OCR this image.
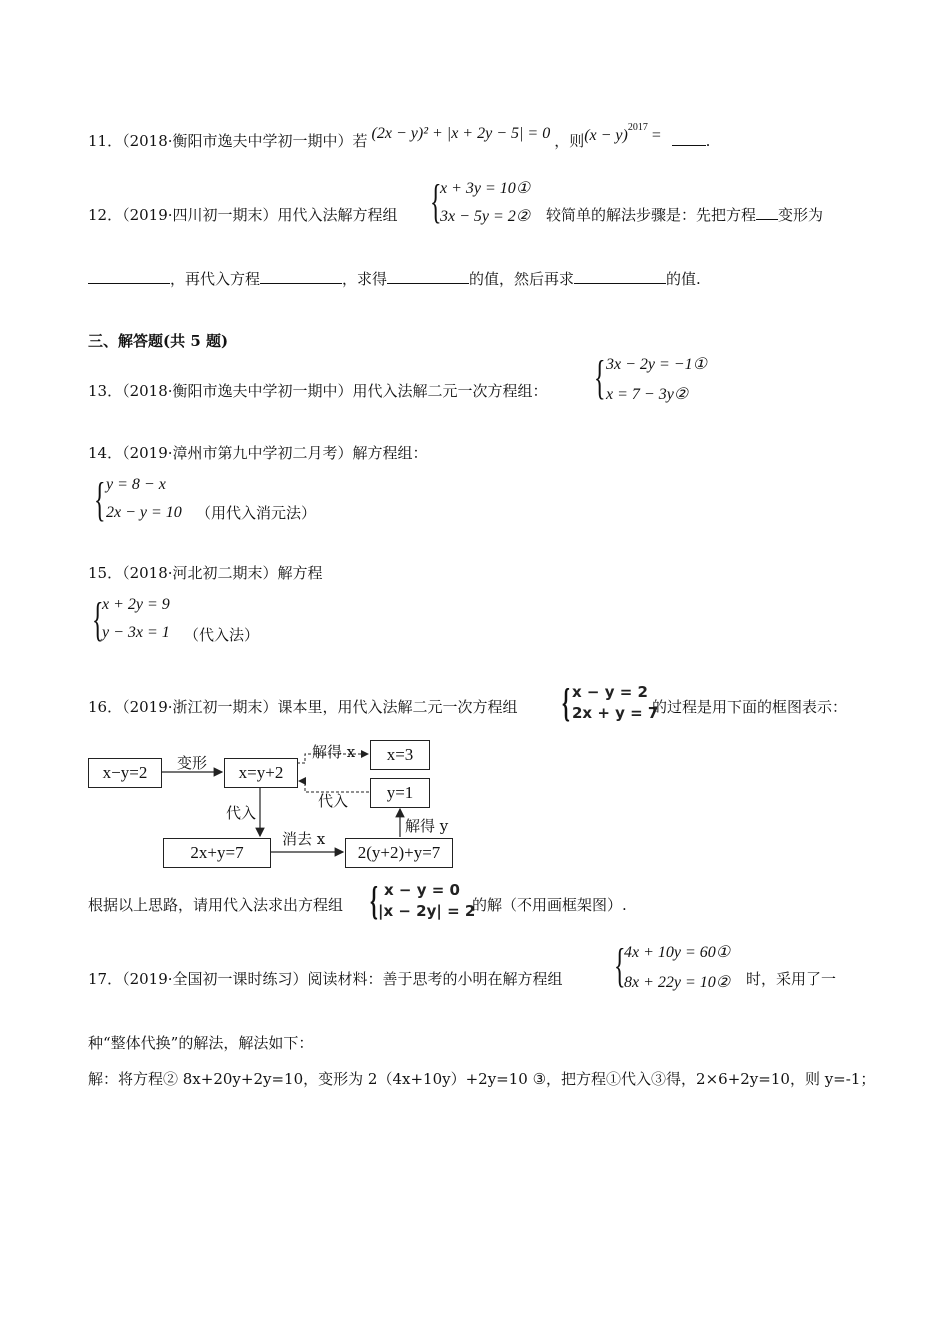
11．（2018·衡阳市逸夫中学初一期中）若 (2x − y)² + |x + 2y − 5| = 0 ，则$(x - y)^{2017}$ =	.
12．（2019·四川初一期末）用代入法解方程组 {
x + 3y = 10①
3x − 5y = 2② 较简单的解法步骤是：先把方程 变形为
，再代入方程	，求得	的值，然后再求	的值.
三、解答题(共 5 题)
13．（2018·衡阳市逸夫中学初一期中）用代入法解二元一次方程组： { 3x − 2y = −1①
x = 7 − 3y②
14．（2019·漳州市第九中学初二月考）解方程组：
{ y = 8 − x
2x − y = 10 （用代入消元法）
15．（2018·河北初二期末）解方程
{
x + 2y = 9
y − 3x = 1 （代入法）
16．（2019·浙江初一期末）课本里，用代入法解二元一次方程组 { x − y = 2
2x + y = 7
的过程是用下面的框图表示：
x−y=2	x=y+2
x=3
y=1
2x+y=7	2(y+2)+y=7
变形
解得 x
代入
代入
消去 x
解得 y
根据以上思路，请用代入法求出方程组 { x − y = 0
|x − 2y| = 2
的解（不用画框架图）.
17．（2019·全国初一课时练习）阅读材料：善于思考的小明在解方程组 {
4x + 10y = 60①
8x + 22y = 10② 时，采用了一
种“整体代换”的解法，解法如下：
解：将方程② 8x+20y+2y=10，变形为 2（4x+10y）+2y=10 ③，把方程①代入③得，2×6+2y=10，则 y=-1；
